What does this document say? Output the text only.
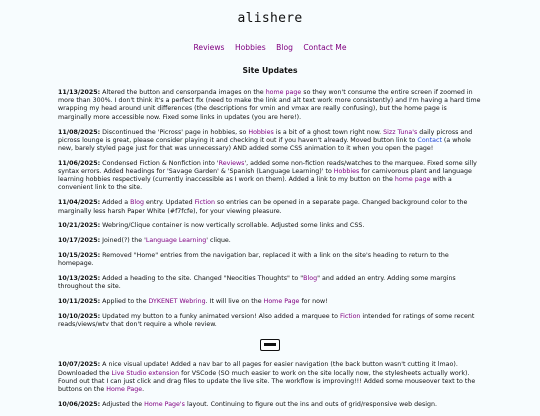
alishere
Reviews Hobbies Blog Contact Me
Site Updates

11/13/2025: Altered the button and censorpanda images on the home page so they won't consume the entire screen if zoomed in more than 300%. I don't think it's a perfect fix (need to make the link and alt text work more consistently) and I'm having a hard time wrapping my head around unit differences (the descriptions for vmin and vmax are really confusing), but the home page is marginally more accessible now. Fixed some links in updates (you are here!).

11/08/2025: Discontinued the 'Picross' page in hobbies, so Hobbies is a bit of a ghost town right now. Sizz Tuna's daily picross and picross lounge is great, please consider playing it and checking it out if you haven't already. Moved button link to Contact (a whole new, barely styled page just for that was unnecessary) AND added some CSS animation to it when you open the page!

11/06/2025: Condensed Fiction & Nonfiction into 'Reviews', added some non-fiction reads/watches to the marquee. Fixed some silly syntax errors. Added headings for 'Savage Garden' & 'Spanish (Language Learning)' to Hobbies for carnivorous plant and language learning hobbies respectively (currently inaccessible as I work on them). Added a link to my button on the home page with a convenient link to the site.

11/04/2025: Added a Blog entry. Updated Fiction so entries can be opened in a separate page. Changed background color to the marginally less harsh Paper White (#f7fcfe), for your viewing pleasure.

10/21/2025: Webring/Clique container is now vertically scrollable. Adjusted some links and CSS.

10/17/2025: Joined(?) the 'Language Learning' clique.

10/15/2025: Removed "Home" entries from the navigation bar, replaced it with a link on the site's heading to return to the homepage.

10/13/2025: Added a heading to the site. Changed "Neocities Thoughts" to "Blog" and added an entry. Adding some margins throughout the site.

10/11/2025: Applied to the DYKENET Webring. It will live on the Home Page for now!

10/10/2025: Updated my button to a funky animated version! Also added a marquee to Fiction intended for ratings of some recent reads/views/wtv that don't require a whole review.

10/07/2025: A nice visual update! Added a nav bar to all pages for easier navigation (the back button wasn't cutting it lmao). Downloaded the Live Studio extension for VSCode (SO much easier to work on the site locally now, the stylesheets actually work). Found out that I can just click and drag files to update the live site. The workflow is improving!!! Added some mouseover text to the buttons on the Home Page.

10/06/2025: Adjusted the Home Page's layout. Continuing to figure out the ins and outs of grid/responsive web design.
